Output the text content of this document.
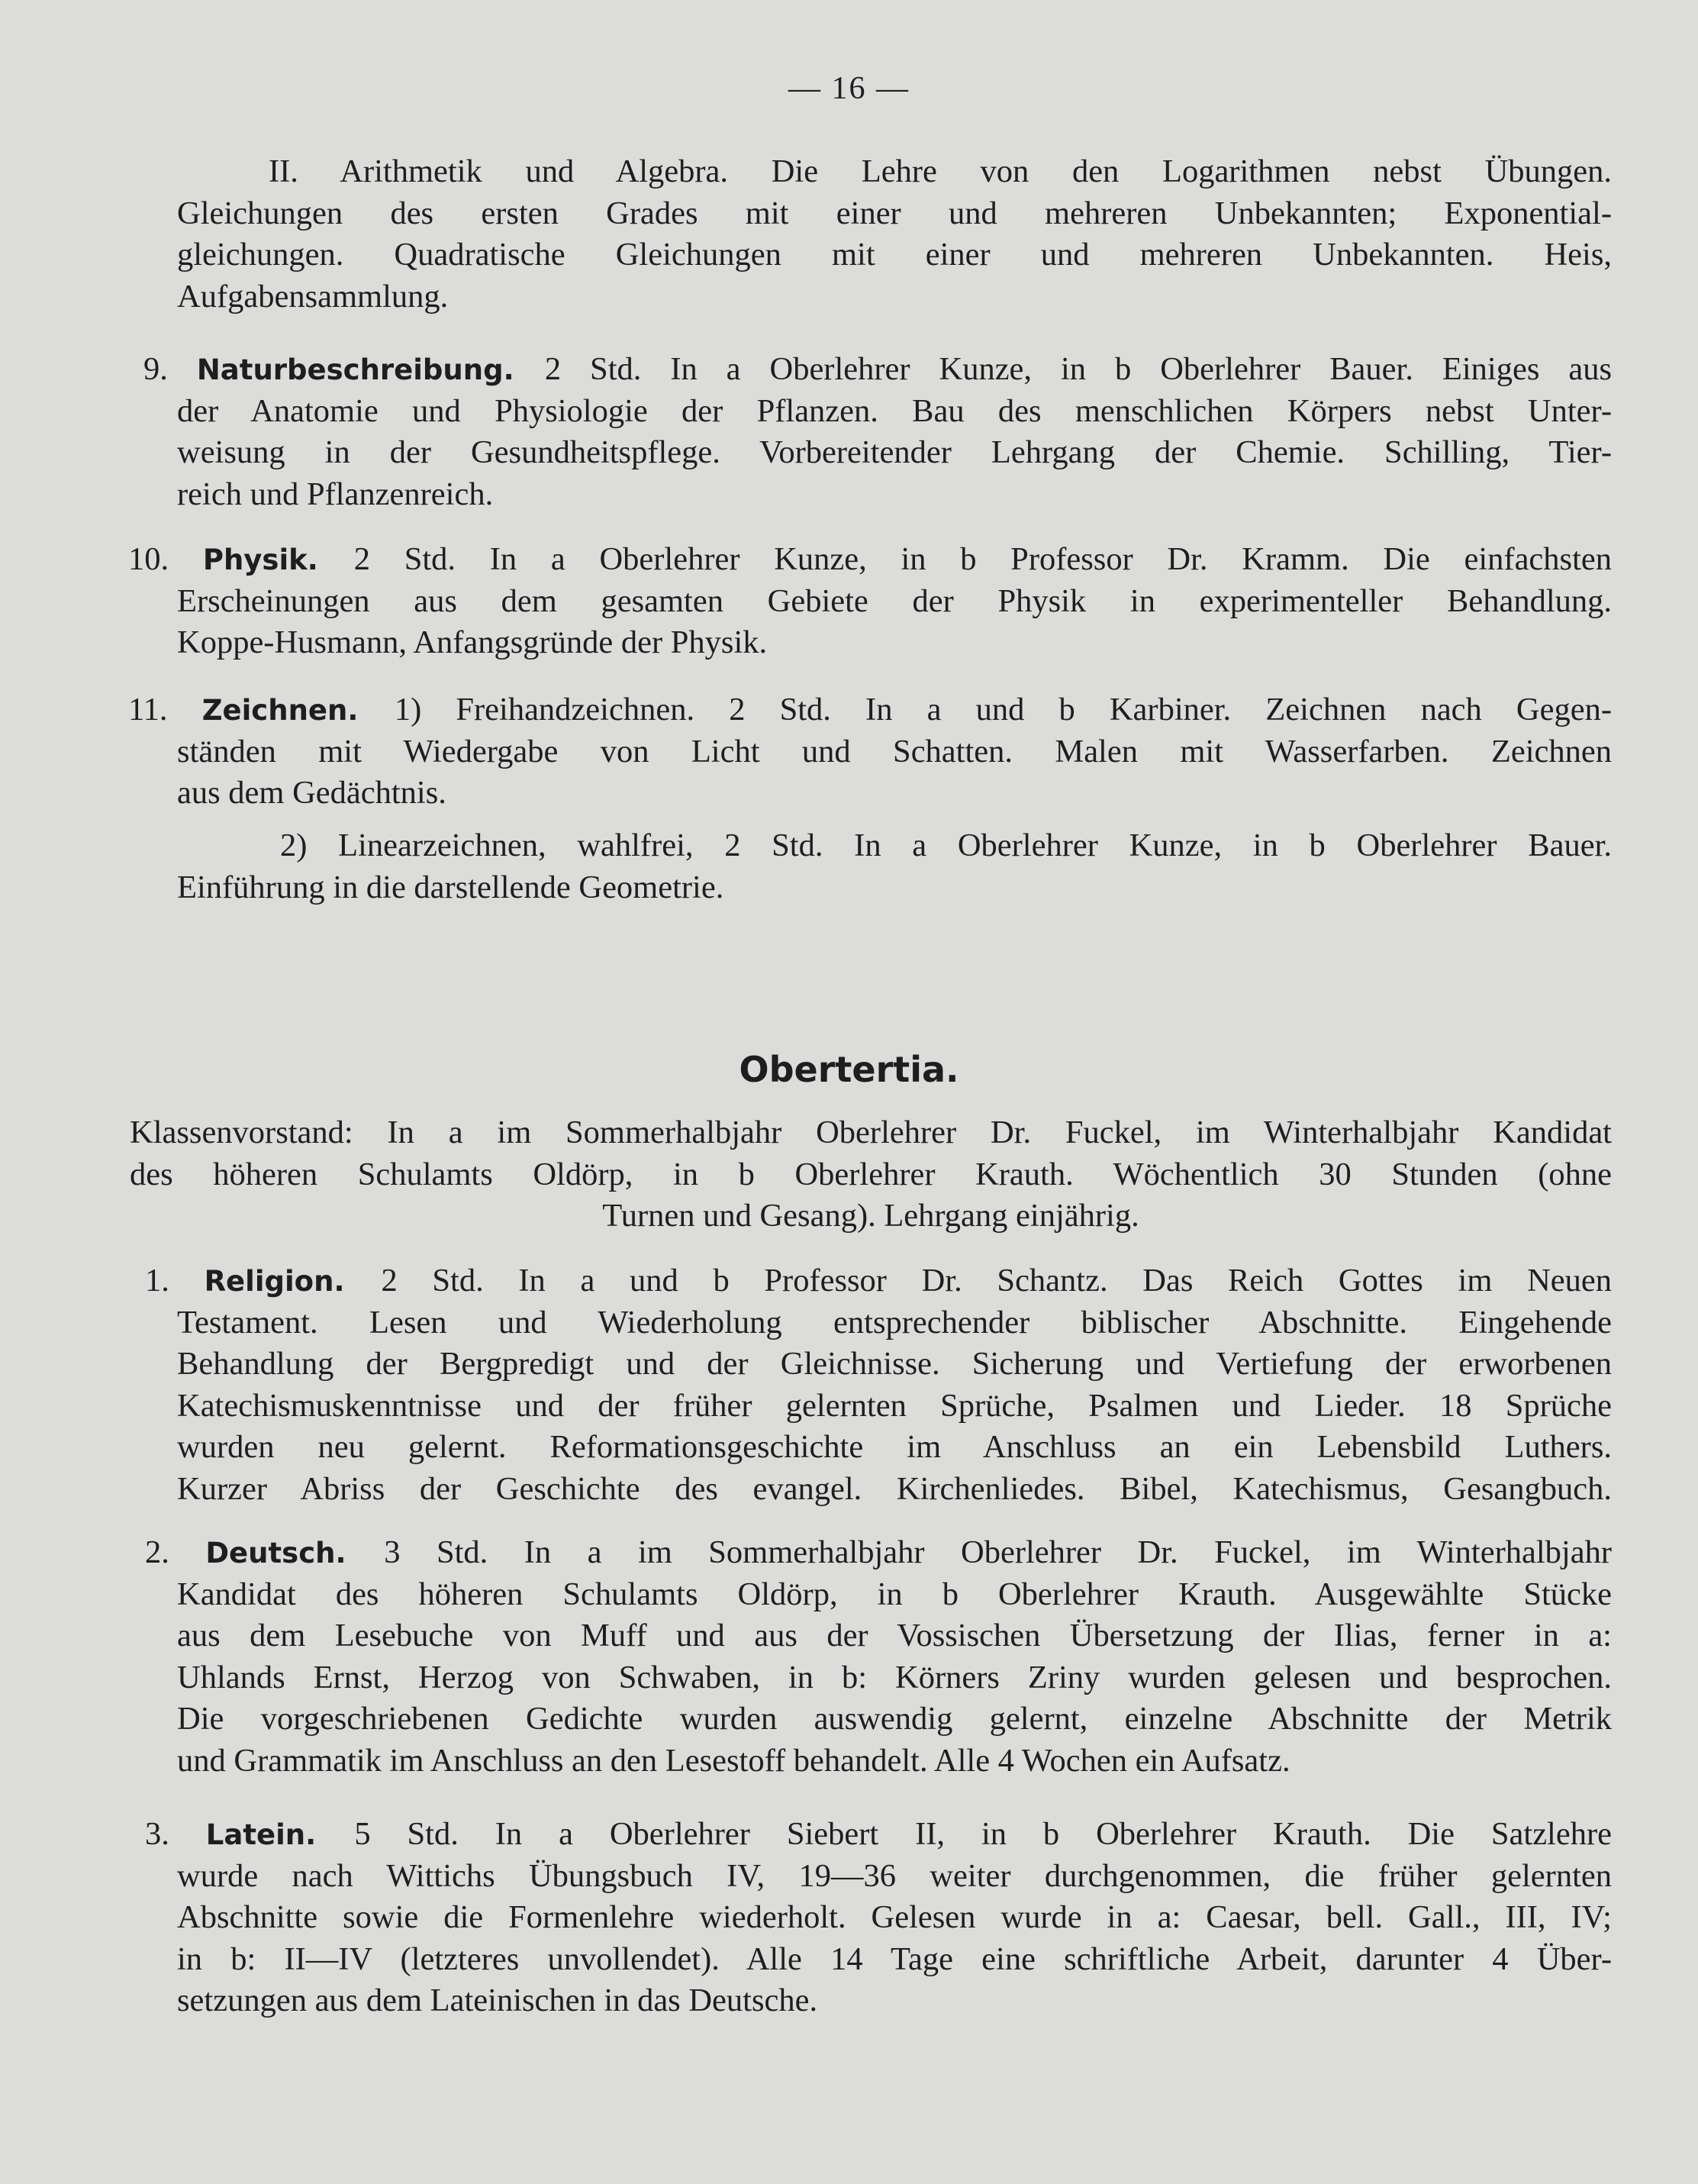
— 16 —
II. Arithmetik und Algebra. Die Lehre von den Logarithmen nebst Übungen.
Gleichungen des ersten Grades mit einer und mehreren Unbekannten; Exponential-
gleichungen. Quadratische Gleichungen mit einer und mehreren Unbekannten. Heis,
Aufgabensammlung.
9. Naturbeschreibung. 2 Std. In a Oberlehrer Kunze, in b Oberlehrer Bauer. Einiges aus
der Anatomie und Physiologie der Pflanzen. Bau des menschlichen Körpers nebst Unter-
weisung in der Gesundheitspflege. Vorbereitender Lehrgang der Chemie. Schilling, Tier-
reich und Pflanzenreich.
10. Physik. 2 Std. In a Oberlehrer Kunze, in b Professor Dr. Kramm. Die einfachsten
Erscheinungen aus dem gesamten Gebiete der Physik in experimenteller Behandlung.
Koppe-Husmann, Anfangsgründe der Physik.
11. Zeichnen. 1) Freihandzeichnen. 2 Std. In a und b Karbiner. Zeichnen nach Gegen-
ständen mit Wiedergabe von Licht und Schatten. Malen mit Wasserfarben. Zeichnen
aus dem Gedächtnis.
2) Linearzeichnen, wahlfrei, 2 Std. In a Oberlehrer Kunze, in b Oberlehrer Bauer.
Einführung in die darstellende Geometrie.
Obertertia.
Klassenvorstand: In a im Sommerhalbjahr Oberlehrer Dr. Fuckel, im Winterhalbjahr Kandidat
des höheren Schulamts Oldörp, in b Oberlehrer Krauth. Wöchentlich 30 Stunden (ohne
Turnen und Gesang). Lehrgang einjährig.
1. Religion. 2 Std. In a und b Professor Dr. Schantz. Das Reich Gottes im Neuen
Testament. Lesen und Wiederholung entsprechender biblischer Abschnitte. Eingehende
Behandlung der Bergpredigt und der Gleichnisse. Sicherung und Vertiefung der erworbenen
Katechismuskenntnisse und der früher gelernten Sprüche, Psalmen und Lieder. 18 Sprüche
wurden neu gelernt. Reformationsgeschichte im Anschluss an ein Lebensbild Luthers.
Kurzer Abriss der Geschichte des evangel. Kirchenliedes. Bibel, Katechismus, Gesangbuch.
2. Deutsch. 3 Std. In a im Sommerhalbjahr Oberlehrer Dr. Fuckel, im Winterhalbjahr
Kandidat des höheren Schulamts Oldörp, in b Oberlehrer Krauth. Ausgewählte Stücke
aus dem Lesebuche von Muff und aus der Vossischen Übersetzung der Ilias, ferner in a:
Uhlands Ernst, Herzog von Schwaben, in b: Körners Zriny wurden gelesen und besprochen.
Die vorgeschriebenen Gedichte wurden auswendig gelernt, einzelne Abschnitte der Metrik
und Grammatik im Anschluss an den Lesestoff behandelt. Alle 4 Wochen ein Aufsatz.
3. Latein. 5 Std. In a Oberlehrer Siebert II, in b Oberlehrer Krauth. Die Satzlehre
wurde nach Wittichs Übungsbuch IV, 19—36 weiter durchgenommen, die früher gelernten
Abschnitte sowie die Formenlehre wiederholt. Gelesen wurde in a: Caesar, bell. Gall., III, IV;
in b: II—IV (letzteres unvollendet). Alle 14 Tage eine schriftliche Arbeit, darunter 4 Über-
setzungen aus dem Lateinischen in das Deutsche.
